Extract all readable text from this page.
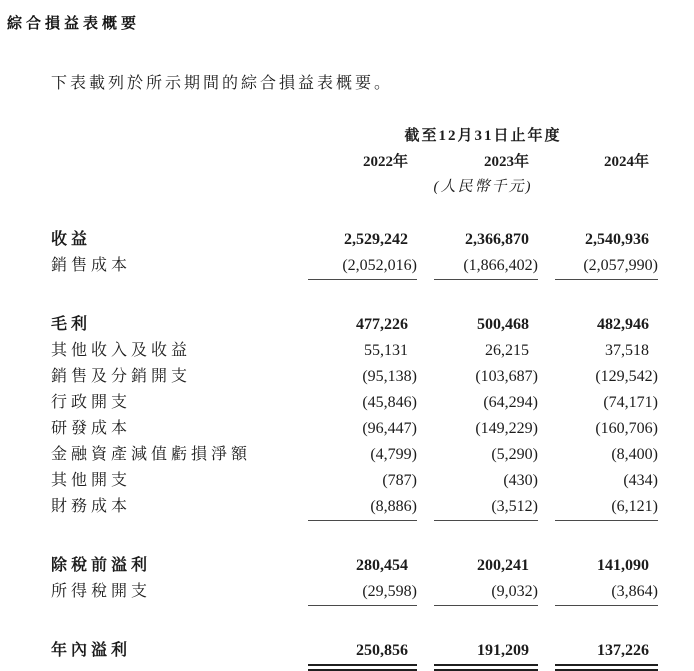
綜合損益表概要

下表載列於所示期間的綜合損益表概要。

截至12月31日止年度
2022年	2023年	2024年
(人民幣千元)
收益	2,529,242	2,366,870	2,540,936
銷售成本	(2,052,016)	(1,866,402)	(2,057,990)
毛利	477,226	500,468	482,946
其他收入及收益	55,131	26,215	37,518
銷售及分銷開支	(95,138)	(103,687)	(129,542)
行政開支	(45,846)	(64,294)	(74,171)
研發成本	(96,447)	(149,229)	(160,706)
金融資產減值虧損淨額	(4,799)	(5,290)	(8,400)
其他開支	(787)	(430)	(434)
財務成本	(8,886)	(3,512)	(6,121)
除稅前溢利	280,454	200,241	141,090
所得稅開支	(29,598)	(9,032)	(3,864)
年內溢利	250,856	191,209	137,226
